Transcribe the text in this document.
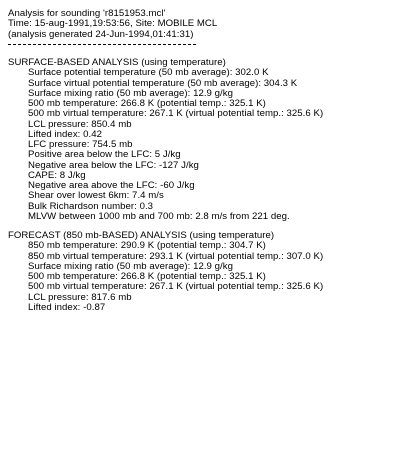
Analysis for sounding 'r8151953.mcl'
Time: 15-aug-1991,19:53:56, Site: MOBILE MCL
(analysis generated 24-Jun-1994,01:41:31)
SURFACE-BASED ANALYSIS (using temperature)
Surface potential temperature (50 mb average): 302.0 K
Surface virtual potential temperature (50 mb average): 304.3 K
Surface mixing ratio (50 mb average): 12.9 g/kg
500 mb temperature: 266.8 K (potential temp.: 325.1 K)
500 mb virtual temperature: 267.1 K (virtual potential temp.: 325.6 K)
LCL pressure: 850.4 mb
Lifted index: 0.42
LFC pressure: 754.5 mb
Positive area below the LFC: 5 J/kg
Negative area below the LFC: -127 J/kg
CAPE: 8 J/kg
Negative area above the LFC: -60 J/kg
Shear over lowest 6km: 7.4 m/s
Bulk Richardson number: 0.3
MLVW between 1000 mb and 700 mb: 2.8 m/s from 221 deg.
FORECAST (850 mb-BASED) ANALYSIS (using temperature)
850 mb temperature: 290.9 K (potential temp.: 304.7 K)
850 mb virtual temperature: 293.1 K (virtual potential temp.: 307.0 K)
Surface mixing ratio (50 mb average): 12.9 g/kg
500 mb temperature: 266.8 K (potential temp.: 325.1 K)
500 mb virtual temperature: 267.1 K (virtual potential temp.: 325.6 K)
LCL pressure: 817.6 mb
Lifted index: -0.87
